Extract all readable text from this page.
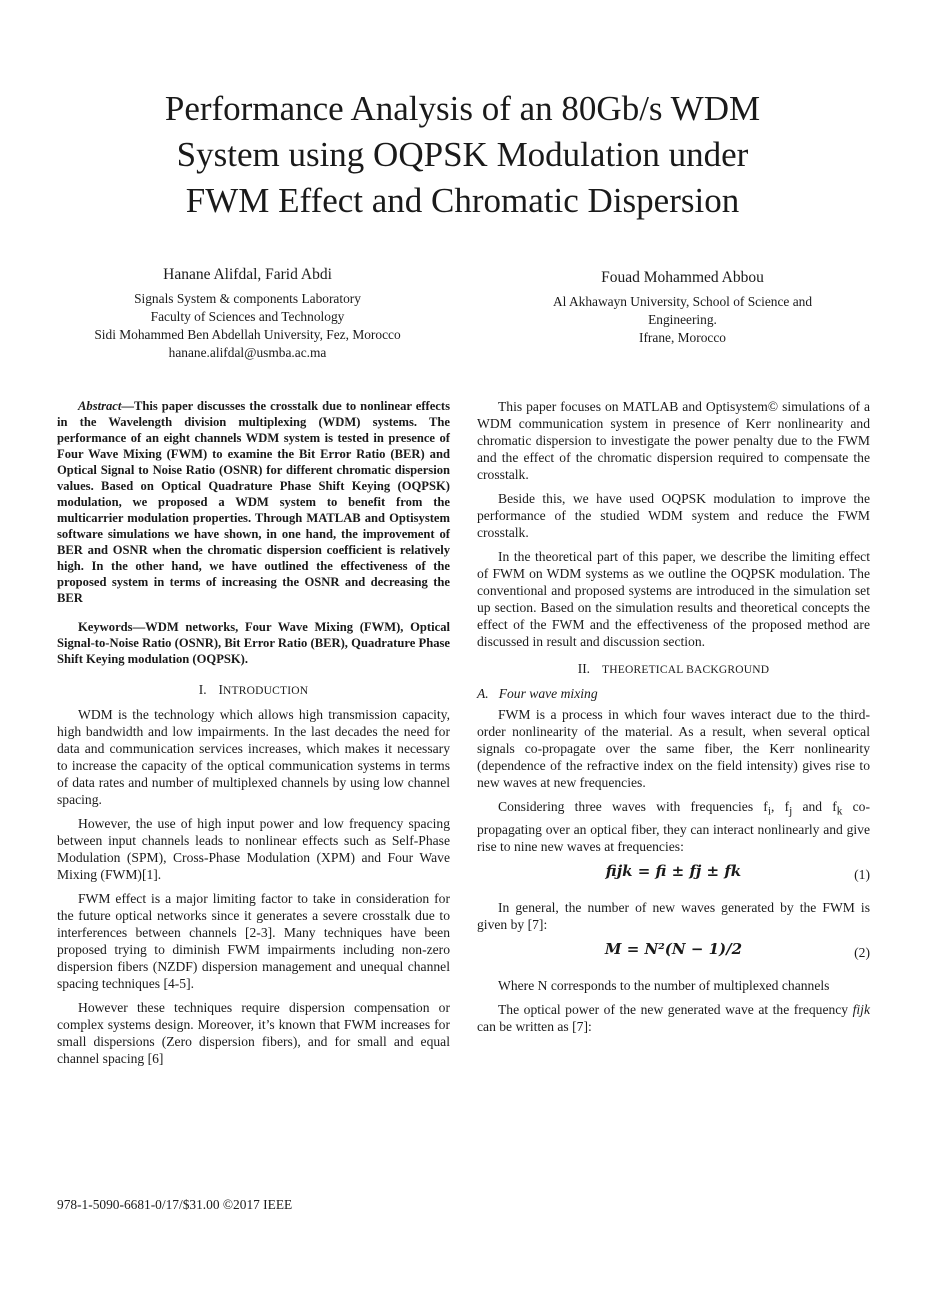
Performance Analysis of an 80Gb/s WDM
System using OQPSK Modulation under
FWM Effect and Chromatic Dispersion
Hanane Alifdal, Farid Abdi
Signals System & components Laboratory
Faculty of Sciences and Technology
Sidi Mohammed Ben Abdellah University, Fez, Morocco
hanane.alifdal@usmba.ac.ma
Fouad Mohammed Abbou
Al Akhawayn University, School of Science and
Engineering.
Ifrane, Morocco

Abstract—This paper discusses the crosstalk due to nonlinear effects in the Wavelength division multiplexing (WDM) systems. The performance of an eight channels WDM system is tested in presence of Four Wave Mixing (FWM) to examine the Bit Error Ratio (BER) and Optical Signal to Noise Ratio (OSNR) for different chromatic dispersion values. Based on Optical Quadrature Phase Shift Keying (OQPSK) modulation, we proposed a WDM system to benefit from the multicarrier modulation properties. Through MATLAB and Optisystem software simulations we have shown, in one hand, the improvement of BER and OSNR when the chromatic dispersion coefficient is relatively high. In the other hand, we have outlined the effectiveness of the proposed system in terms of increasing the OSNR and decreasing the BER

Keywords—WDM networks, Four Wave Mixing (FWM), Optical Signal-to-Noise Ratio (OSNR), Bit Error Ratio (BER), Quadrature Phase Shift Keying modulation (OQPSK).

I. INTRODUCTION

WDM is the technology which allows high transmission capacity, high bandwidth and low impairments. In the last decades the need for data and communication services increases, which makes it necessary to increase the capacity of the optical communication systems in terms of data rates and number of multiplexed channels by using low channel spacing.

However, the use of high input power and low frequency spacing between input channels leads to nonlinear effects such as Self-Phase Modulation (SPM), Cross-Phase Modulation (XPM) and Four Wave Mixing (FWM)[1].

FWM effect is a major limiting factor to take in consideration for the future optical networks since it generates a severe crosstalk due to interferences between channels [2-3]. Many techniques have been proposed trying to diminish FWM impairments including non-zero dispersion fibers (NZDF) dispersion management and unequal channel spacing techniques [4-5].

However these techniques require dispersion compensation or complex systems design. Moreover, it’s known that FWM increases for small dispersions (Zero dispersion fibers), and for small and equal channel spacing [6]

This paper focuses on MATLAB and Optisystem© simulations of a WDM communication system in presence of Kerr nonlinearity and chromatic dispersion to investigate the power penalty due to the FWM and the effect of the chromatic dispersion required to compensate the crosstalk.

Beside this, we have used OQPSK modulation to improve the performance of the studied WDM system and reduce the FWM crosstalk.

In the theoretical part of this paper, we describe the limiting effect of FWM on WDM systems as we outline the OQPSK modulation. The conventional and proposed systems are introduced in the simulation set up section. Based on the simulation results and theoretical concepts the effect of the FWM and the effectiveness of the proposed method are discussed in result and discussion section.

II. THEORETICAL BACKGROUND
A. Four wave mixing

FWM is a process in which four waves interact due to the third-order nonlinearity of the material. As a result, when several optical signals co-propagate over the same fiber, the Kerr nonlinearity (dependence of the refractive index on the field intensity) gives rise to new waves at new frequencies.

Considering three waves with frequencies $f_i$, $f_j$ and $f_k$ co-propagating over an optical fiber, they can interact nonlinearly and give rise to nine new waves at frequencies:

fijk = fi ± fj ± fk	(1)

In general, the number of new waves generated by the FWM is given by [7]:

M = N²(N − 1)/2	(2)

Where N corresponds to the number of multiplexed channels

The optical power of the new generated wave at the frequency fijk can be written as [7]:

978-1-5090-6681-0/17/$31.00 ©2017 IEEE
